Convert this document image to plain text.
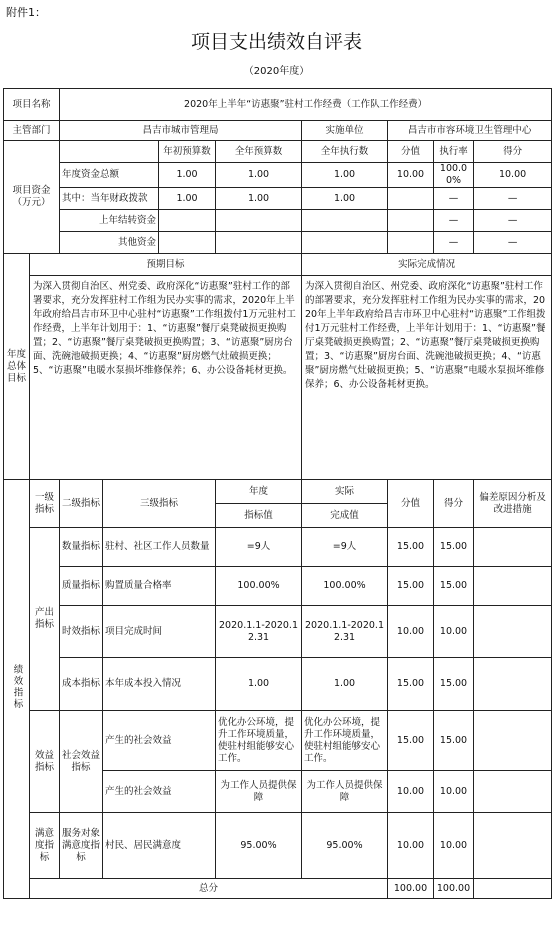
附件1：
项目支出绩效自评表
（2020年度）
项目名称		2020年上半年“访惠聚”驻村工作经费（工作队工作经费）							
主管部门		昌吉市城市管理局				实施单位	昌吉市市容环境卫生管理中心		
项目资金（万元）				年初预算数	全年预算数	全年执行数	分值	执行率	得分
		年度资金总额		1.00	1.00	1.00	10.00	100.00%	10.00
		其中：当年财政拨款		1.00	1.00	1.00		—	—
		上年结转资金						—	—
		其他资金						—	—
年度总体目标	预期目标					实际完成情况			
	为深入贯彻自治区、州党委、政府深化“访惠聚”驻村工作的部署要求，充分发挥驻村工作组为民办实事的需求，2020年上半年政府给昌吉市环卫中心驻村“访惠聚”工作组拨付1万元驻村工作经费，上半年计划用于：1、“访惠聚”餐厅桌凳破损更换购置；2、“访惠聚”餐厅桌凳破损更换购置；3、“访惠聚”厨房台面、洗碗池破损更换；4、“访惠聚”厨房燃气灶破损更换；5、“访惠聚”电暖水泵损坏维修保养；6、办公设备耗材更换。					为深入贯彻自治区、州党委、政府深化“访惠聚”驻村工作的部署要求，充分发挥驻村工作组为民办实事的需求，2020年上半年政府给昌吉市环卫中心驻村“访惠聚”工作组拨付1万元驻村工作经费，上半年计划用于：1、“访惠聚”餐厅桌凳破损更换购置；2、“访惠聚”餐厅桌凳破损更换购置；3、“访惠聚”厨房台面、洗碗池破损更换；4、“访惠聚”厨房燃气灶破损更换；5、“访惠聚”电暖水泵损坏维修保养；6、办公设备耗材更换。			
绩效指标	一级指标	二级指标	三级指标		年度	实际	分值	得分	偏差原因分析及改进措施
					指标值	完成值			
	产出指标	数量指标	驻村、社区工作人员数量		=9人	=9人	15.00	15.00	
		质量指标	购置质量合格率		100.00%	100.00%	15.00	15.00	
		时效指标	项目完成时间		2020.1.1-2020.12.31	2020.1.1-2020.12.31	10.00	10.00	
		成本指标	本年成本投入情况		1.00	1.00	15.00	15.00	
	效益指标	社会效益指标	产生的社会效益		优化办公环境，提升工作环境质量，使驻村组能够安心工作。	优化办公环境，提升工作环境质量，使驻村组能够安心工作。	15.00	15.00	
			产生的社会效益		为工作人员提供保障	为工作人员提供保障	10.00	10.00	
	满意度指标	服务对象满意度指标	村民、居民满意度		95.00%	95.00%	10.00	10.00	
	总分						100.00	100.00	
